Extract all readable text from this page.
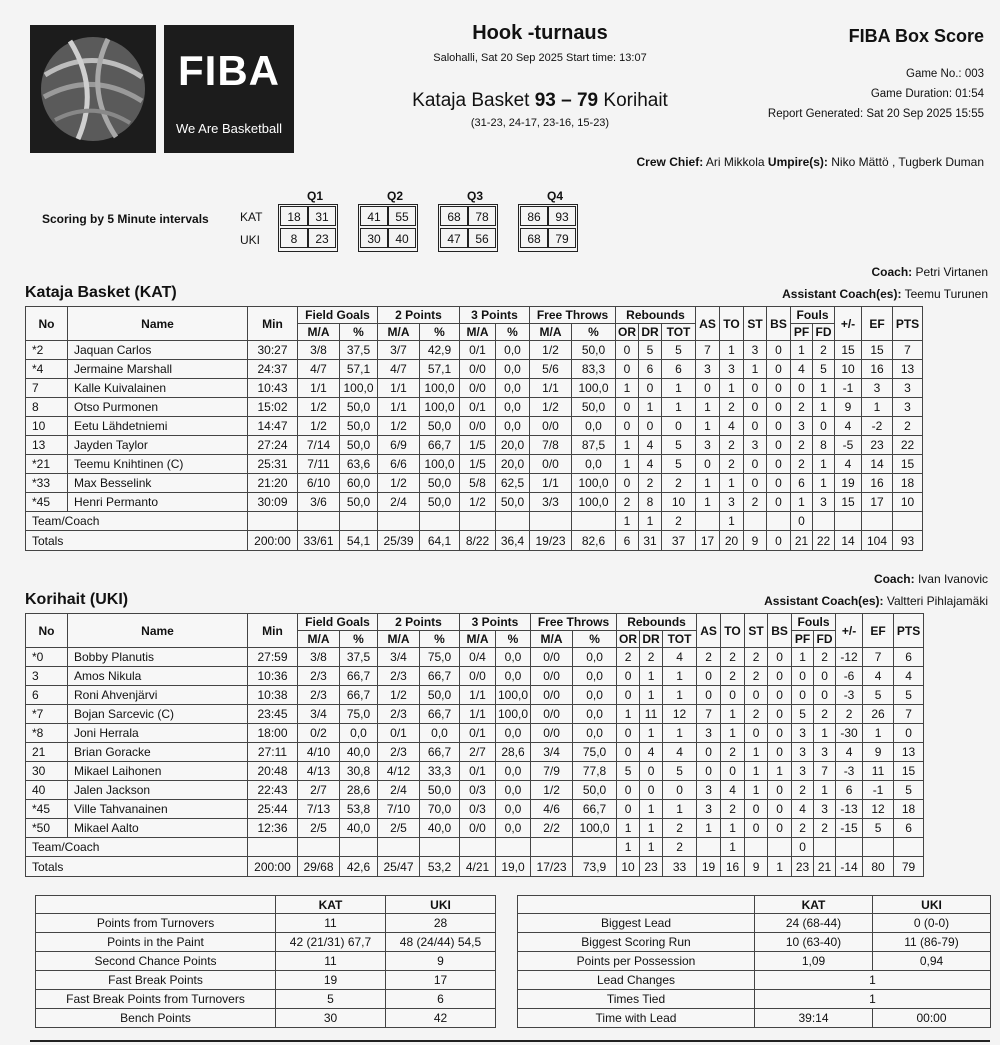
FIBA
We Are Basketball
Hook -turnaus
Salohalli, Sat 20 Sep 2025 Start time: 13:07
Kataja Basket 93 – 79 Korihait
(31-23, 24-17, 23-16, 15-23)
FIBA Box Score
Game No.: 003
Game Duration: 01:54
Report Generated: Sat 20 Sep 2025 15:55
Crew Chief: Ari Mikkola Umpire(s): Niko Mättö , Tugberk Duman
Scoring by 5 Minute intervals	KAT
UKI
Q1	Q2	Q3	Q4
18	31	41	55	68	78	86	93
8	23	30	40	47	56	68	79
Coach: Petri Virtanen
Assistant Coach(es): Teemu Turunen
Kataja Basket (KAT)
No	Name	Min	Field Goals		2 Points		3 Points		Free Throws		Rebounds			AS	TO	ST	BS	Fouls		+/-	EF	PTS
			M/A	%	M/A	%	M/A	%	M/A	%	OR	DR	TOT					PF	FD			
*2	Jaquan Carlos	30:27	3/8	37,5	3/7	42,9	0/1	0,0	1/2	50,0	0	5	5	7	1	3	0	1	2	15	15	7
*4	Jermaine Marshall	24:37	4/7	57,1	4/7	57,1	0/0	0,0	5/6	83,3	0	6	6	3	3	1	0	4	5	10	16	13
7	Kalle Kuivalainen	10:43	1/1	100,0	1/1	100,0	0/0	0,0	1/1	100,0	1	0	1	0	1	0	0	0	1	-1	3	3
8	Otso Purmonen	15:02	1/2	50,0	1/1	100,0	0/1	0,0	1/2	50,0	0	1	1	1	2	0	0	2	1	9	1	3
10	Eetu Lähdetniemi	14:47	1/2	50,0	1/2	50,0	0/0	0,0	0/0	0,0	0	0	0	1	4	0	0	3	0	4	-2	2
13	Jayden Taylor	27:24	7/14	50,0	6/9	66,7	1/5	20,0	7/8	87,5	1	4	5	3	2	3	0	2	8	-5	23	22
*21	Teemu Knihtinen (C)	25:31	7/11	63,6	6/6	100,0	1/5	20,0	0/0	0,0	1	4	5	0	2	0	0	2	1	4	14	15
*33	Max Besselink	21:20	6/10	60,0	1/2	50,0	5/8	62,5	1/1	100,0	0	2	2	1	1	0	0	6	1	19	16	18
*45	Henri Permanto	30:09	3/6	50,0	2/4	50,0	1/2	50,0	3/3	100,0	2	8	10	1	3	2	0	1	3	15	17	10
Team/Coach											1	1	2		1			0				
Totals		200:00	33/61	54,1	25/39	64,1	8/22	36,4	19/23	82,6	6	31	37	17	20	9	0	21	22	14	104	93
Coach: Ivan Ivanovic
Assistant Coach(es): Valtteri Pihlajamäki
Korihait (UKI)
No	Name	Min	Field Goals		2 Points		3 Points		Free Throws		Rebounds			AS	TO	ST	BS	Fouls		+/-	EF	PTS
			M/A	%	M/A	%	M/A	%	M/A	%	OR	DR	TOT					PF	FD			
*0	Bobby Planutis	27:59	3/8	37,5	3/4	75,0	0/4	0,0	0/0	0,0	2	2	4	2	2	2	0	1	2	-12	7	6
3	Amos Nikula	10:36	2/3	66,7	2/3	66,7	0/0	0,0	0/0	0,0	0	1	1	0	2	2	0	0	0	-6	4	4
6	Roni Ahvenjärvi	10:38	2/3	66,7	1/2	50,0	1/1	100,0	0/0	0,0	0	1	1	0	0	0	0	0	0	-3	5	5
*7	Bojan Sarcevic (C)	23:45	3/4	75,0	2/3	66,7	1/1	100,0	0/0	0,0	1	11	12	7	1	2	0	5	2	2	26	7
*8	Joni Herrala	18:00	0/2	0,0	0/1	0,0	0/1	0,0	0/0	0,0	0	1	1	3	1	0	0	3	1	-30	1	0
21	Brian Goracke	27:11	4/10	40,0	2/3	66,7	2/7	28,6	3/4	75,0	0	4	4	0	2	1	0	3	3	4	9	13
30	Mikael Laihonen	20:48	4/13	30,8	4/12	33,3	0/1	0,0	7/9	77,8	5	0	5	0	0	1	1	3	7	-3	11	15
40	Jalen Jackson	22:43	2/7	28,6	2/4	50,0	0/3	0,0	1/2	50,0	0	0	0	3	4	1	0	2	1	6	-1	5
*45	Ville Tahvanainen	25:44	7/13	53,8	7/10	70,0	0/3	0,0	4/6	66,7	0	1	1	3	2	0	0	4	3	-13	12	18
*50	Mikael Aalto	12:36	2/5	40,0	2/5	40,0	0/0	0,0	2/2	100,0	1	1	2	1	1	0	0	2	2	-15	5	6
Team/Coach											1	1	2		1			0				
Totals		200:00	29/68	42,6	25/47	53,2	4/21	19,0	17/23	73,9	10	23	33	19	16	9	1	23	21	-14	80	79
	KAT	UKI
Points from Turnovers	11	28
Points in the Paint	42 (21/31) 67,7	48 (24/44) 54,5
Second Chance Points	11	9
Fast Break Points	19	17
Fast Break Points from Turnovers	5	6
Bench Points	30	42
	KAT	UKI
Biggest Lead	24 (68-44)	0 (0-0)
Biggest Scoring Run	10 (63-40)	11 (86-79)
Points per Possession	1,09	0,94
Lead Changes	1	
Times Tied	1	
Time with Lead	39:14	00:00
